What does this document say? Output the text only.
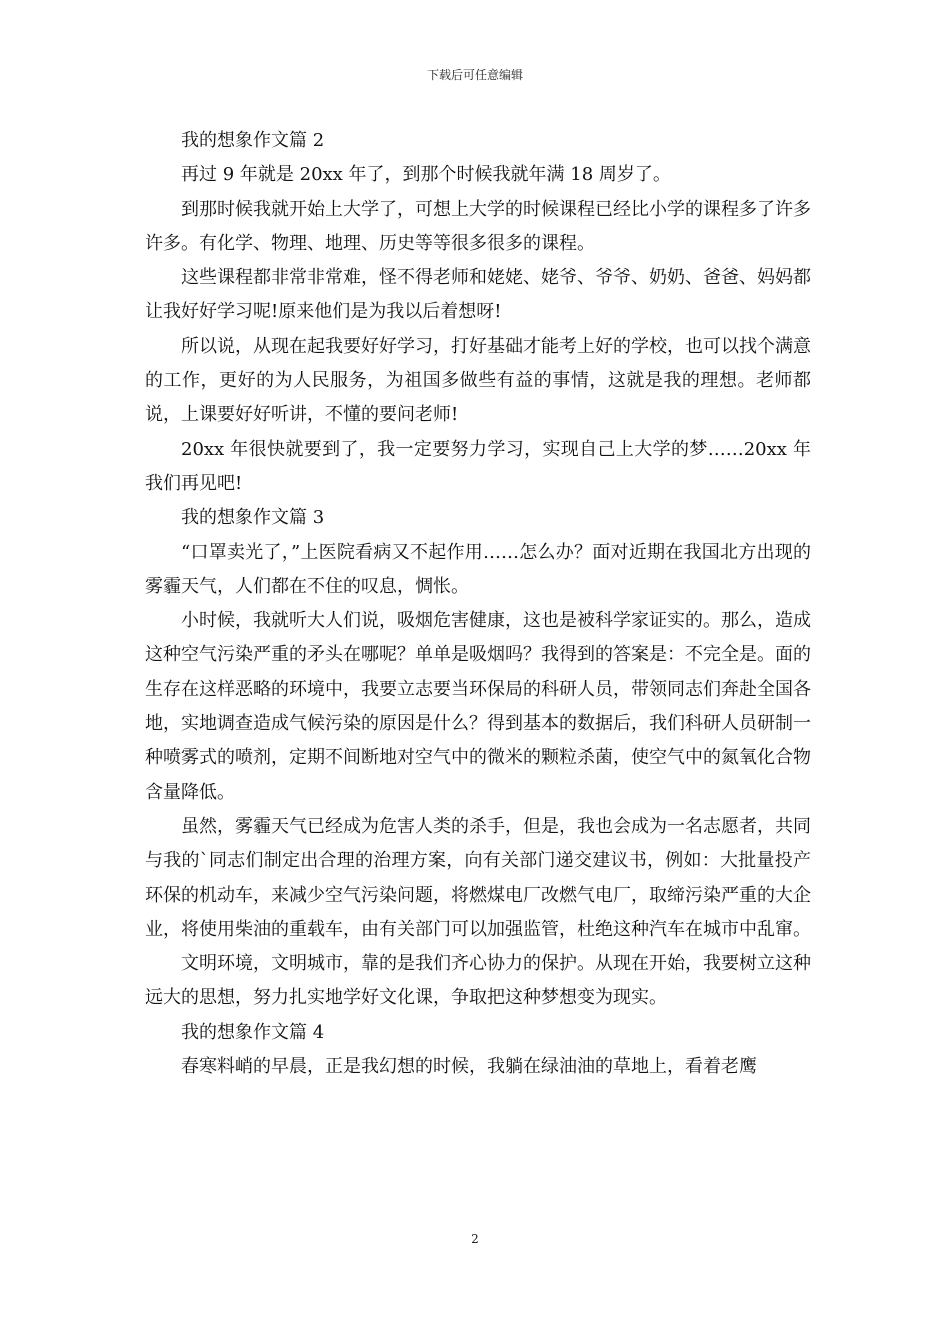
下载后可任意编辑

我的想象作文篇 2

再过 9 年就是 20xx 年了，到那个时候我就年满 18 周岁了。

到那时候我就开始上大学了，可想上大学的时候课程已经比小学的课程多了许多许多。有化学、物理、地理、历史等等很多很多的课程。

这些课程都非常非常难，怪不得老师和姥姥、姥爷、爷爷、奶奶、爸爸、妈妈都让我好好学习呢!原来他们是为我以后着想呀!

所以说，从现在起我要好好学习，打好基础才能考上好的学校，也可以找个满意的工作，更好的为人民服务，为祖国多做些有益的事情，这就是我的理想。老师都说，上课要好好听讲，不懂的要问老师!

20xx 年很快就要到了，我一定要努力学习，实现自己上大学的梦……20xx 年我们再见吧!

我的想象作文篇 3

“口罩卖光了，”上医院看病又不起作用……怎么办？面对近期在我国北方出现的雾霾天气，人们都在不住的叹息，惆怅。

小时候，我就听大人们说，吸烟危害健康，这也是被科学家证实的。那么，造成这种空气污染严重的矛头在哪呢？单单是吸烟吗？我得到的答案是：不完全是。面的生存在这样恶略的环境中，我要立志要当环保局的科研人员，带领同志们奔赴全国各地，实地调查造成气候污染的原因是什么？得到基本的数据后，我们科研人员研制一种喷雾式的喷剂，定期不间断地对空气中的微米的颗粒杀菌，使空气中的氮氧化合物含量降低。

虽然，雾霾天气已经成为危害人类的杀手，但是，我也会成为一名志愿者，共同与我的`同志们制定出合理的治理方案，向有关部门递交建议书，例如：大批量投产环保的机动车，来减少空气污染问题，将燃煤电厂改燃气电厂，取缔污染严重的大企业，将使用柴油的重载车，由有关部门可以加强监管，杜绝这种汽车在城市中乱窜。

文明环境，文明城市，靠的是我们齐心协力的保护。从现在开始，我要树立这种远大的思想，努力扎实地学好文化课，争取把这种梦想变为现实。

我的想象作文篇 4

春寒料峭的早晨，正是我幻想的时候，我躺在绿油油的草地上，看着老鹰

2
